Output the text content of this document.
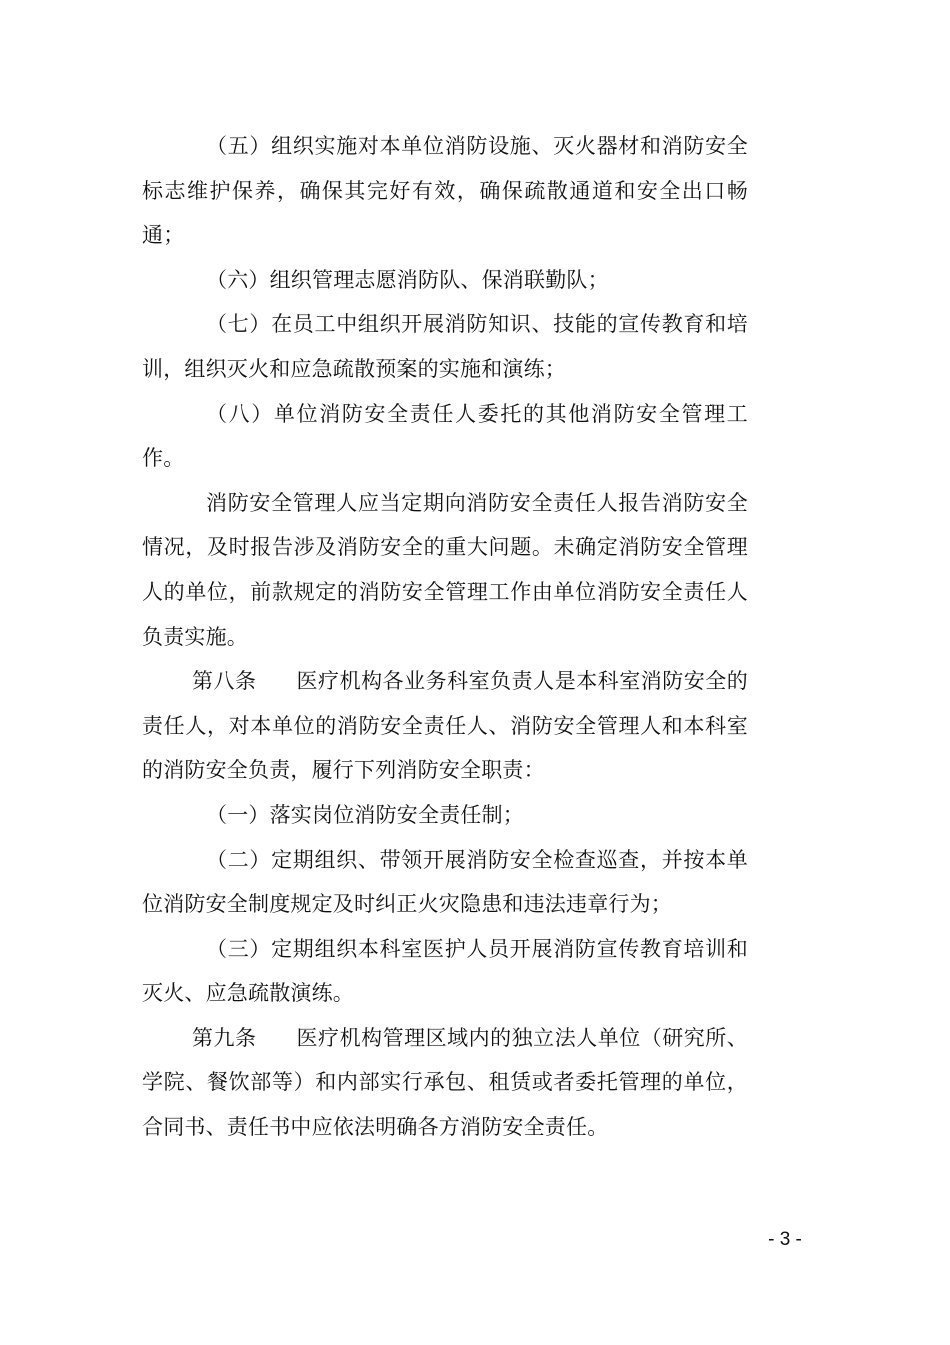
（五）组织实施对本单位消防设施、灭火器材和消防安全标志维护保养，确保其完好有效，确保疏散通道和安全出口畅通；

（六）组织管理志愿消防队、保消联勤队；

（七）在员工中组织开展消防知识、技能的宣传教育和培训，组织灭火和应急疏散预案的实施和演练；

（八）单位消防安全责任人委托的其他消防安全管理工作。

消防安全管理人应当定期向消防安全责任人报告消防安全情况，及时报告涉及消防安全的重大问题。未确定消防安全管理人的单位，前款规定的消防安全管理工作由单位消防安全责任人负责实施。

第八条 医疗机构各业务科室负责人是本科室消防安全的责任人，对本单位的消防安全责任人、消防安全管理人和本科室的消防安全负责，履行下列消防安全职责：

（一）落实岗位消防安全责任制；

（二）定期组织、带领开展消防安全检查巡查，并按本单位消防安全制度规定及时纠正火灾隐患和违法违章行为；

（三）定期组织本科室医护人员开展消防宣传教育培训和灭火、应急疏散演练。

第九条 医疗机构管理区域内的独立法人单位（研究所、学院、餐饮部等）和内部实行承包、租赁或者委托管理的单位，合同书、责任书中应依法明确各方消防安全责任。

- 3 -
